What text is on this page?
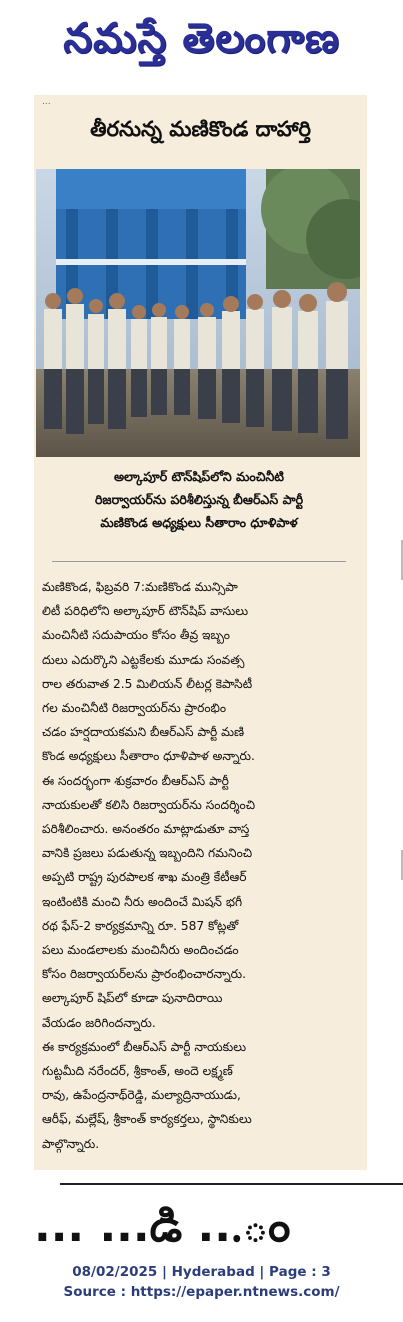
నమస్తే తెలంగాణ
...
తీరనున్న మణికొండ దాహార్తి
అల్కాపూర్ టౌన్‌షిప్‌లోని మంచినీటి
రిజర్వాయర్‌ను పరిశీలిస్తున్న బీఆర్‌ఎస్ పార్టీ
మణికొండ అధ్యక్షులు సీతారాం ధూళిపాళ
మణికొండ, ఫిబ్రవరి 7:మణికొండ మున్సిపా
లిటీ పరిధిలోని అల్కాపూర్ టౌన్‌షిప్ వాసులు
మంచినీటి సదుపాయం కోసం తీవ్ర ఇబ్బం
దులు ఎదుర్కొని ఎట్టకేలకు మూడు సంవత్స
రాల తరువాత 2.5 మిలియన్ లీటర్ల కెపాసిటీ
గల మంచినీటి రిజర్వాయర్‌ను ప్రారంభిం
చడం హర్షదాయకమని బీఆర్‌ఎస్ పార్టీ మణి
కొండ అధ్యక్షులు సీతారాం ధూళిపాళ అన్నారు.
ఈ సందర్భంగా శుక్రవారం బీఆర్‌ఎస్ పార్టీ
నాయకులతో కలిసి రిజర్వాయర్‌ను సందర్శించి
పరిశీలించారు. అనంతరం మాట్లాడుతూ వాస్త
వానికి ప్రజలు పడుతున్న ఇబ్బందిని గమనించి
అప్పటి రాష్ట్ర పురపాలక శాఖ మంత్రి కేటీఆర్
ఇంటింటికి మంచి నీరు అందించే మిషన్ భగీ
రథ ఫేస్-2 కార్యక్రమాన్ని రూ. 587 కోట్లతో
పలు మండలాలకు మంచినీరు అందించడం
కోసం రిజర్వాయర్‌లను ప్రారంభించారన్నారు.
అల్కాపూర్ షిప్‌లో కూడా పునాదిరాయి
వేయడం జరిగిందన్నారు.
ఈ కార్యక్రమంలో బీఆర్‌ఎస్ పార్టీ నాయకులు
గుట్టమీది నరేందర్, శ్రీకాంత్, అందె లక్ష్మణ్
రావు, ఉపేంద్రనాథ్‌రెడ్డి, మల్యాద్రినాయుడు,
ఆరీఫ్, మల్లేష్, శ్రీకాంత్ కార్యకర్తలు, స్థానికులు
పాల్గొన్నారు.
... ...డి ...ం
08/02/2025 | Hyderabad | Page : 3
Source : https://epaper.ntnews.com/
